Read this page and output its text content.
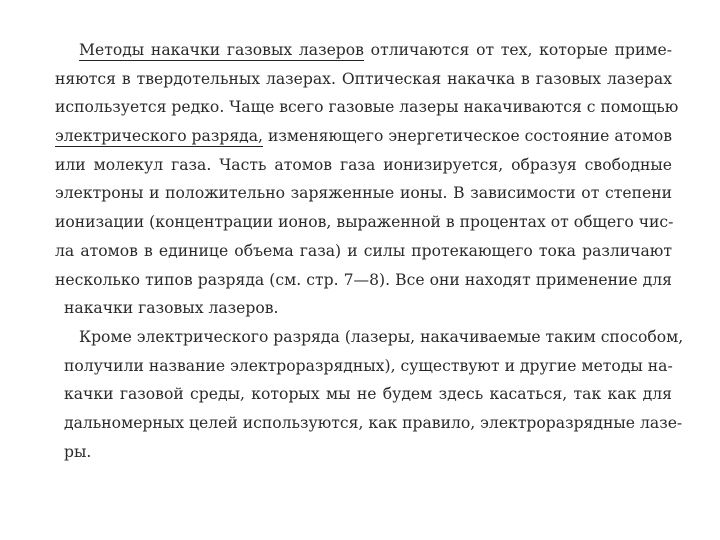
Методы накачки газовых лазеров отличаются от тех, которые приме-
няются в твердотельных лазерах. Оптическая накачка в газовых лазерах
используется редко. Чаще всего газовые лазеры накачиваются с помощью
электрического разряда, изменяющего энергетическое состояние атомов
или молекул газа. Часть атомов газа ионизируется, образуя свободные
электроны и положительно заряженные ионы. В зависимости от степени
ионизации (концентрации ионов, выраженной в процентах от общего чис-
ла атомов в единице объема газа) и силы протекающего тока различают
несколько типов разряда (см. стр. 7—8). Все они находят применение для
накачки газовых лазеров.
Кроме электрического разряда (лазеры, накачиваемые таким способом,
получили название электроразрядных), существуют и другие методы на-
качки газовой среды, которых мы не будем здесь касаться, так как для
дальномерных целей используются, как правило, электроразрядные лазе-
ры.
